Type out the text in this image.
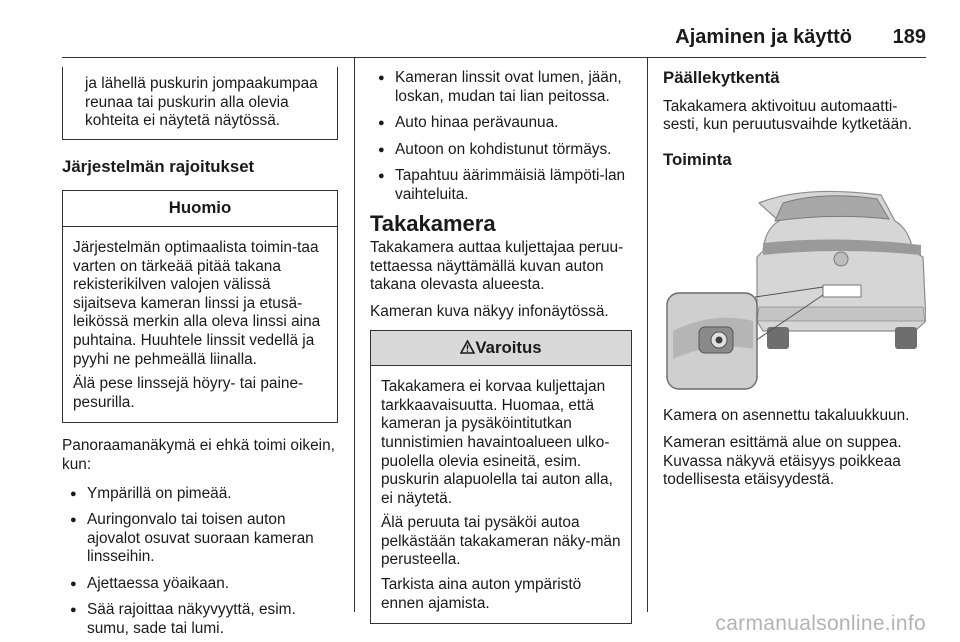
Ajaminen ja käyttö 189
ja lähellä puskurin jompaakumpaa reunaa tai puskurin alla olevia kohteita ei näytetä näytössä.
Järjestelmän rajoitukset
Huomio

Järjestelmän optimaalista toimin-taa varten on tärkeää pitää takana rekisterikilven valojen välissä sijaitseva kameran linssi ja etusä-leikössä merkin alla oleva linssi aina puhtaina. Huuhtele linssit vedellä ja pyyhi ne pehmeällä liinalla.

Älä pese linssejä höyry- tai paine-pesurilla.

Panoraamanäkymä ei ehkä toimi oikein, kun:
● Ympärillä on pimeää.
● Auringonvalo tai toisen auton ajovalot osuvat suoraan kameran linsseihin.
● Ajettaessa yöaikaan.
● Sää rajoittaa näkyvyyttä, esim. sumu, sade tai lumi.
● Kameran linssit ovat lumen, jään, loskan, mudan tai lian peitossa.
● Auto hinaa perävaunua.
● Autoon on kohdistunut törmäys.
● Tapahtuu äärimmäisiä lämpöti-lan vaihteluita.
Takakamera

Takakamera auttaa kuljettajaa peruu-tettaessa näyttämällä kuvan auton takana olevasta alueesta.

Kameran kuva näkyy infonäytössä.

Varoitus

Takakamera ei korvaa kuljettajan tarkkaavaisuutta. Huomaa, että kameran ja pysäköintitutkan tunnistimien havaintoalueen ulko-puolella olevia esineitä, esim. puskurin alapuolella tai auton alla, ei näytetä.

Älä peruuta tai pysäköi autoa pelkästään takakameran näky-män perusteella.

Tarkista aina auton ympäristö ennen ajamista.

Päällekytkentä

Takakamera aktivoituu automaatti-sesti, kun peruutusvaihde kytketään.

Toiminta

Kamera on asennettu takaluukkuun.

Kameran esittämä alue on suppea. Kuvassa näkyvä etäisyys poikkeaa todellisesta etäisyydestä.

carmanualsonline.info
